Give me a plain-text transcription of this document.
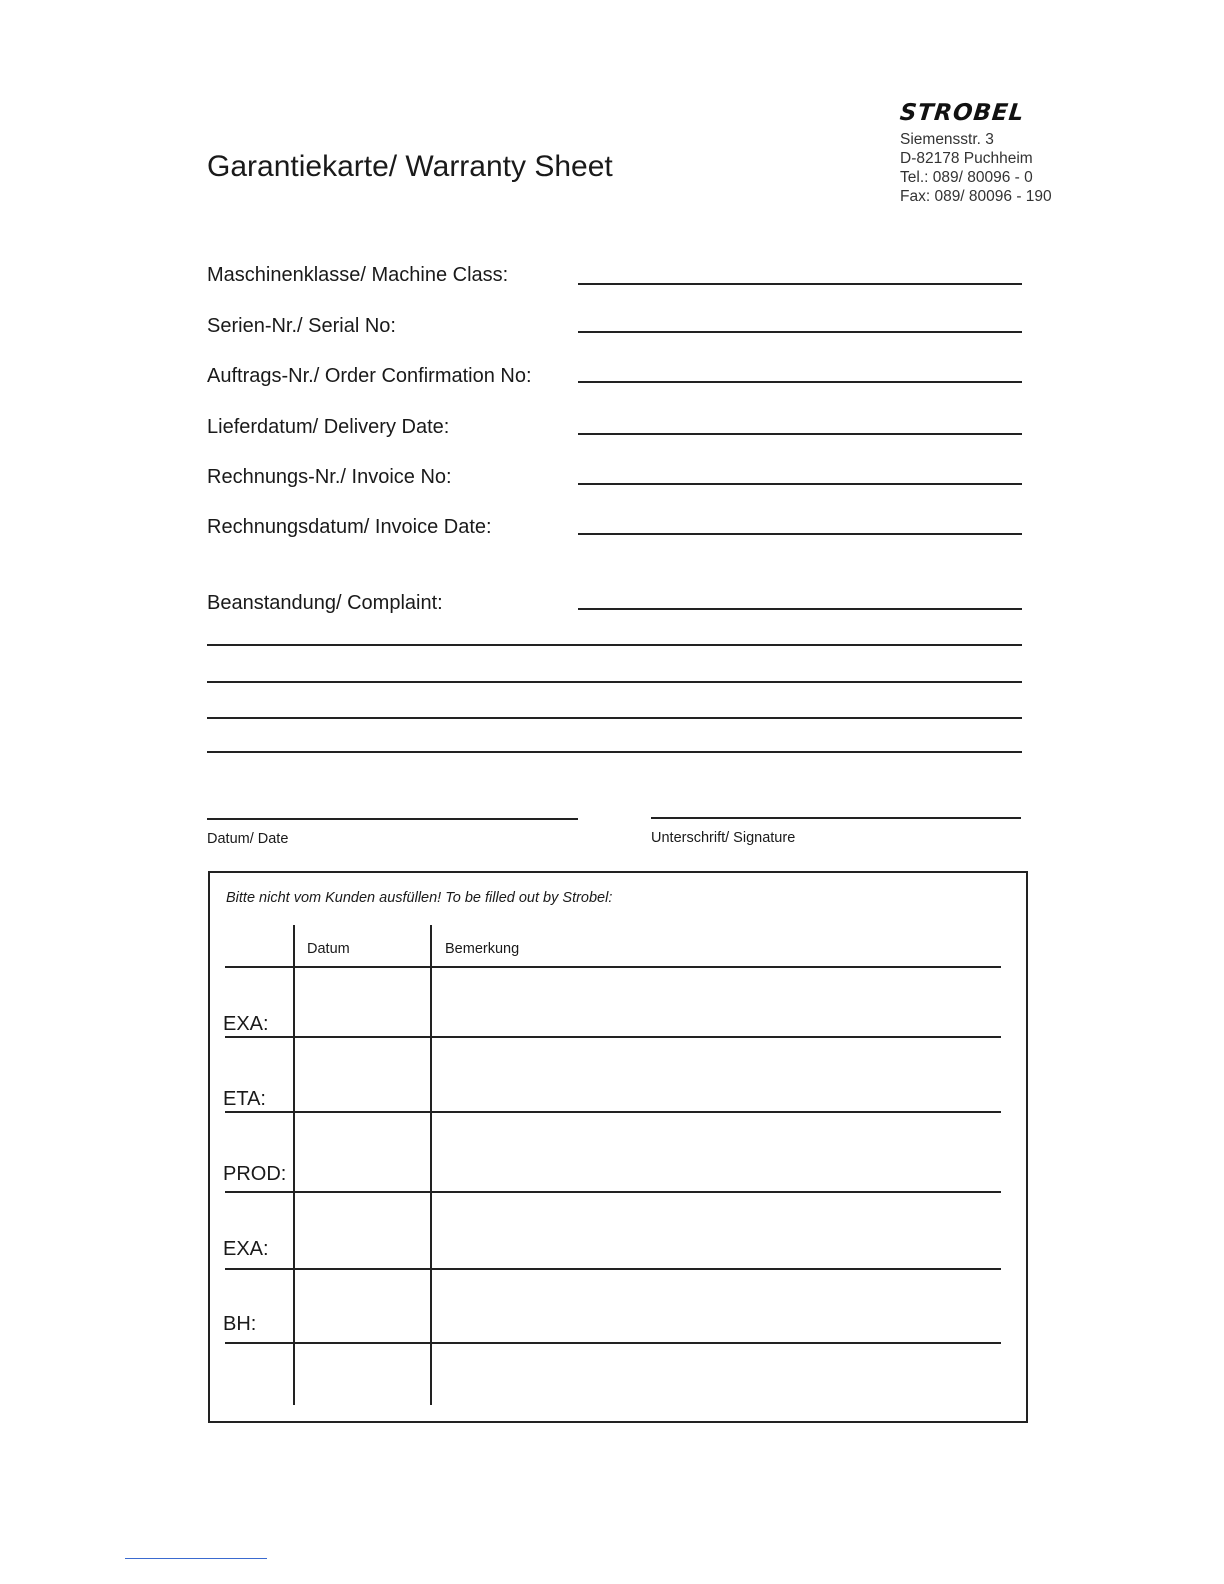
STROBEL
Siemensstr. 3
D-82178 Puchheim
Tel.: 089/ 80096 - 0
Fax: 089/ 80096 - 190
Garantiekarte/ Warranty Sheet
Maschinenklasse/ Machine Class:
Serien-Nr./ Serial No:
Auftrags-Nr./ Order Confirmation No:
Lieferdatum/ Delivery Date:
Rechnungs-Nr./ Invoice No:
Rechnungsdatum/ Invoice Date:
Beanstandung/ Complaint:
Datum/ Date	Unterschrift/ Signature
Bitte nicht vom Kunden ausfüllen! To be filled out by Strobel:
Datum	Bemerkung
EXA:
ETA:
PROD:
EXA:
BH:
